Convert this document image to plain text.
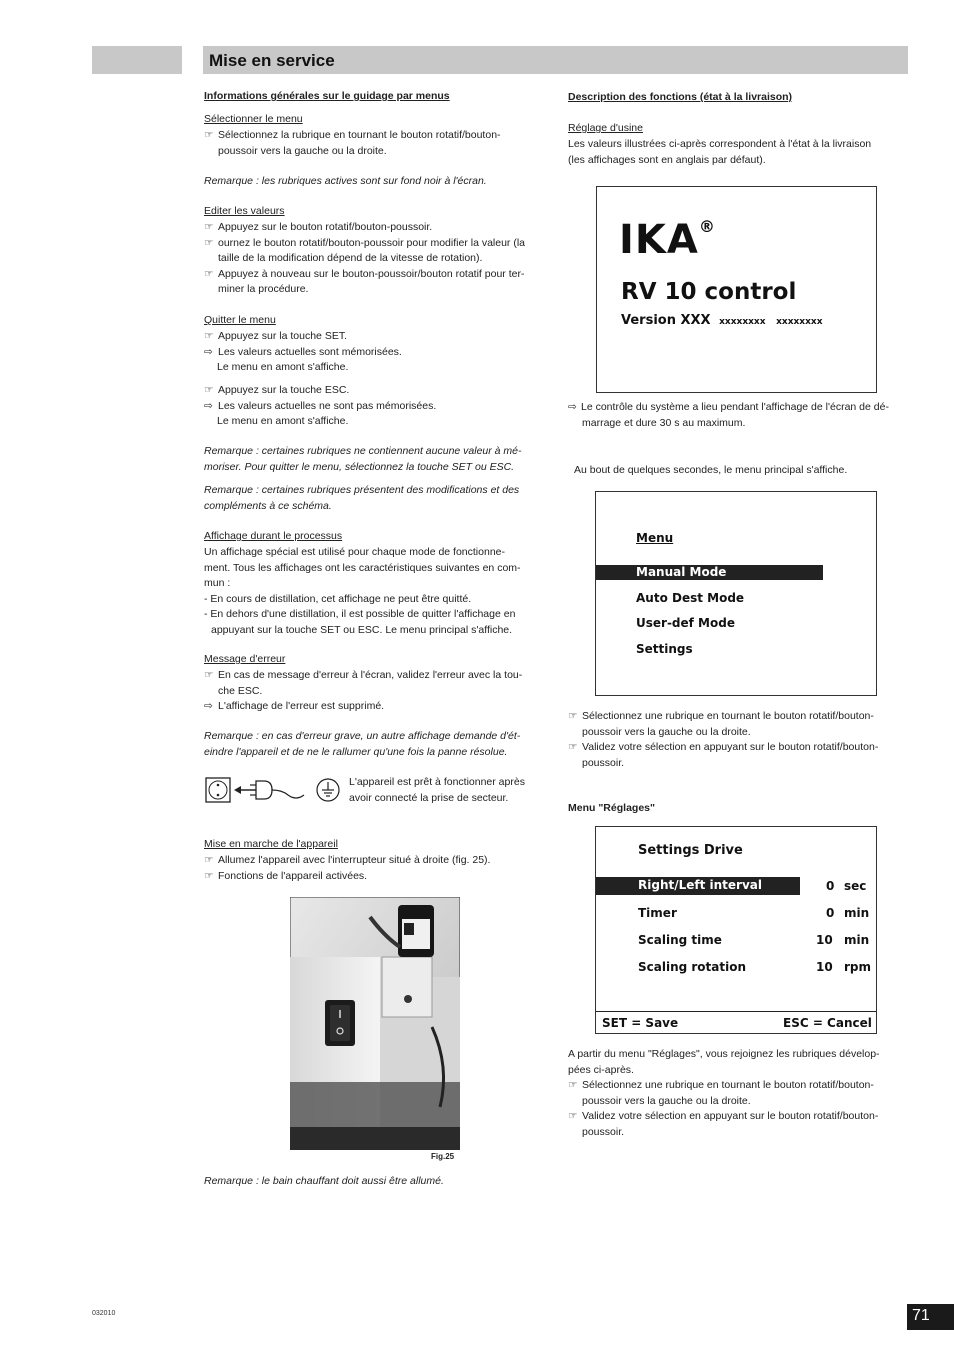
Mise en service
Informations générales sur le guidage par menus
Sélectionner le menu
☞ Sélectionnez la rubrique en tournant le bouton rotatif/bouton-
poussoir vers la gauche ou la droite.
Remarque : les rubriques actives sont sur fond noir à l'écran.
Editer les valeurs
☞ Appuyez sur le bouton rotatif/bouton-poussoir.
☞ ournez le bouton rotatif/bouton-poussoir pour modifier la valeur (la
taille de la modification dépend de la vitesse de rotation).
☞ Appuyez à nouveau sur le bouton-poussoir/bouton rotatif pour ter-
miner la procédure.
Quitter le menu
☞ Appuyez sur la touche SET.
⇨ Les valeurs actuelles sont mémorisées.
Le menu en amont s'affiche.
☞ Appuyez sur la touche ESC.
⇨ Les valeurs actuelles ne sont pas mémorisées.
Le menu en amont s'affiche.
Remarque : certaines rubriques ne contiennent aucune valeur à mé-
moriser. Pour quitter le menu, sélectionnez la touche SET ou ESC.
Remarque : certaines rubriques présentent des modifications et des
compléments à ce schéma.
Affichage durant le processus
Un affichage spécial est utilisé pour chaque mode de fonctionne-
ment. Tous les affichages ont les caractéristiques suivantes en com-
mun :
- En cours de distillation, cet affichage ne peut être quitté.
- En dehors d'une distillation, il est possible de quitter l'affichage en
appuyant sur la touche SET ou ESC. Le menu principal s'affiche.
Message d'erreur
☞ En cas de message d'erreur à l'écran, validez l'erreur avec la tou-
che ESC.
⇨ L'affichage de l'erreur est supprimé.
Remarque : en cas d'erreur grave, un autre affichage demande d'ét-
eindre l'appareil et de ne le rallumer qu'une fois la panne résolue.
L'appareil est prêt à fonctionner après
avoir connecté la prise de secteur.
Mise en marche de l'appareil
☞ Allumez l'appareil avec l'interrupteur situé à droite (fig. 25).
☞ Fonctions de l'appareil activées.
Fig.25
Remarque : le bain chauffant doit aussi être allumé.
Description des fonctions (état à la livraison)
Réglage d'usine
Les valeurs illustrées ci-après correspondent à l'état à la livraison
(les affichages sont en anglais par défaut).
⇨ Le contrôle du système a lieu pendant l'affichage de l'écran de dé-
marrage et dure 30 s au maximum.
Au bout de quelques secondes, le menu principal s'affiche.
☞ Sélectionnez une rubrique en tournant le bouton rotatif/bouton-
poussoir vers la gauche ou la droite.
☞ Validez votre sélection en appuyant sur le bouton rotatif/bouton-
poussoir.
Menu "Réglages"
A partir du menu "Réglages", vous rejoignez les rubriques dévelop-
pées ci-après.
☞ Sélectionnez une rubrique en tournant le bouton rotatif/bouton-
poussoir vers la gauche ou la droite.
☞ Validez votre sélection en appuyant sur le bouton rotatif/bouton-
poussoir.
IKA®
RV 10 control
Version XXX xxxxxxxx xxxxxxxx
Menu
Manual Mode
Auto Dest Mode
User-def Mode
Settings
Settings Drive
Right/Left interval	0 sec
Timer	0 min
Scaling time	10 min
Scaling rotation	10 rpm
SET = Save	ESC = Cancel
032010	71
